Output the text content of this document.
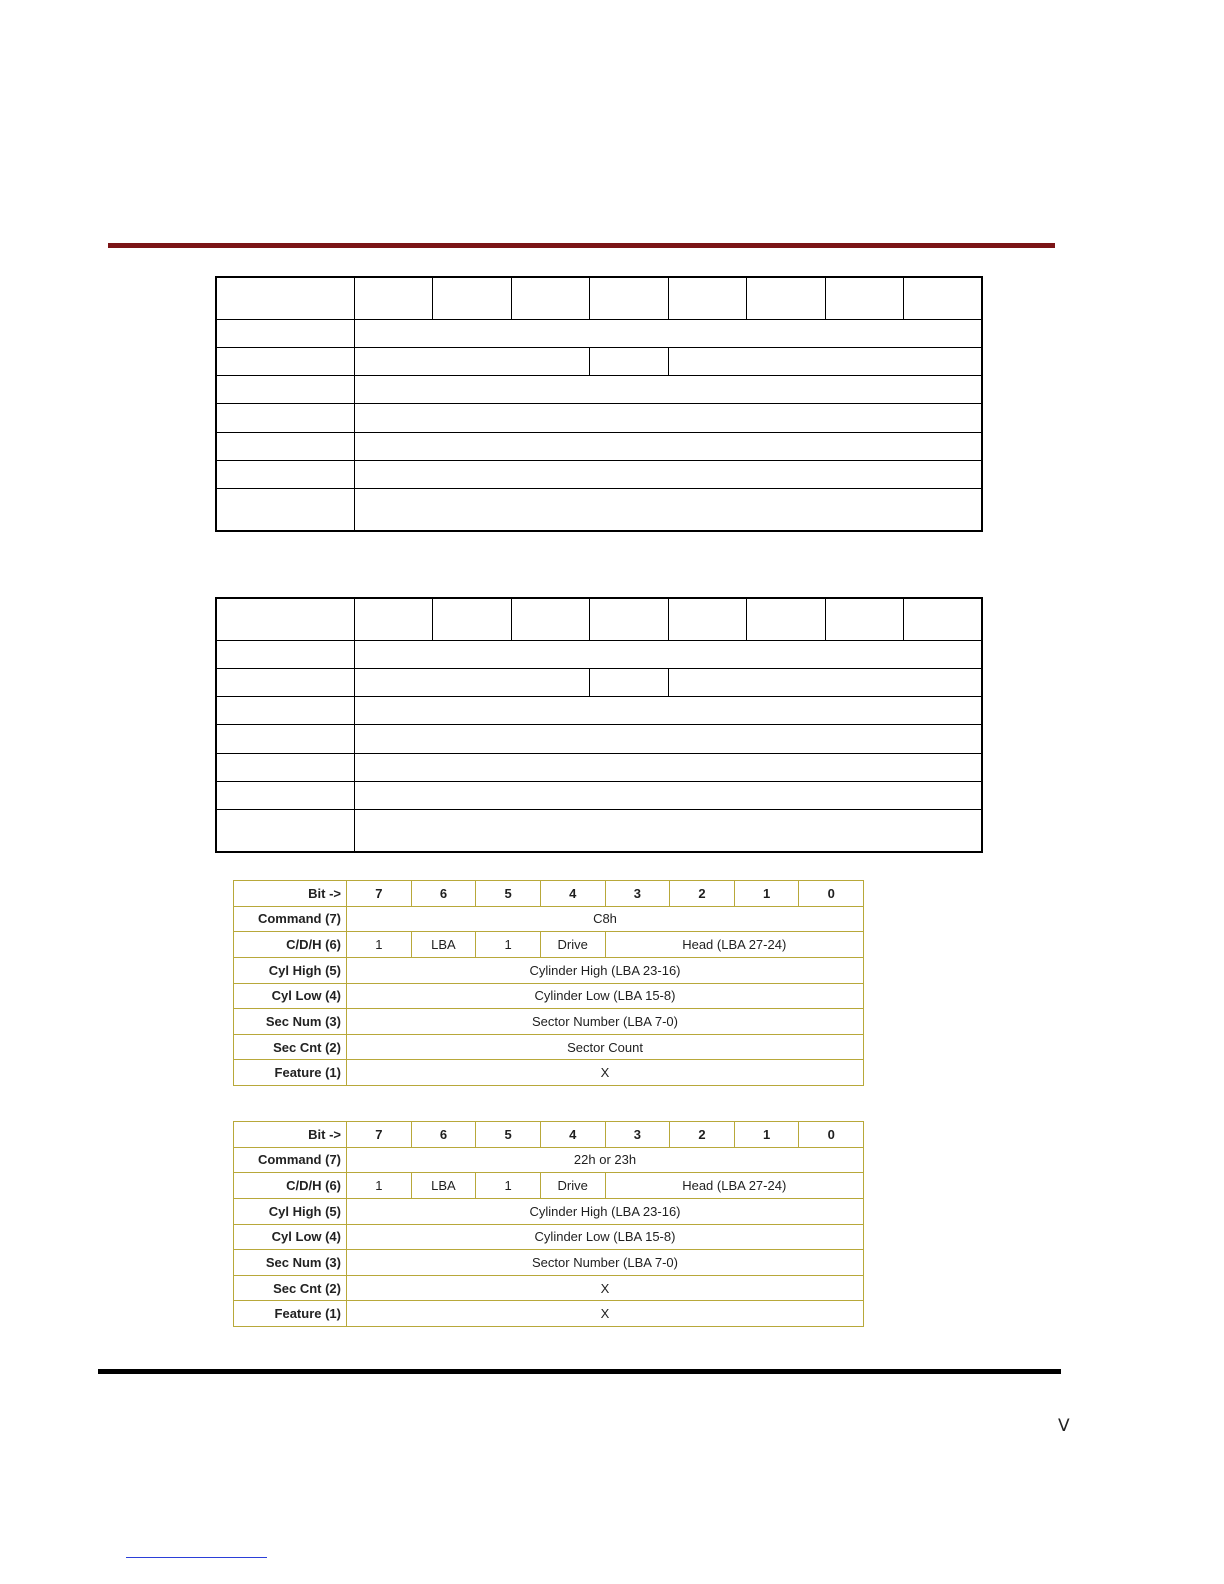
Bit ->	7	6	5	4	3	2	1	0
Command (7)	C8h							
C/D/H (6)	1	LBA	1	Drive	Head (LBA 27-24)			
Cyl High (5)	Cylinder High (LBA 23-16)							
Cyl Low (4)	Cylinder Low (LBA 15-8)							
Sec Num (3)	Sector Number (LBA 7-0)							
Sec Cnt (2)	Sector Count							
Feature (1)	X							
Bit ->	7	6	5	4	3	2	1	0
Command (7)	22h or 23h							
C/D/H (6)	1	LBA	1	Drive	Head (LBA 27-24)			
Cyl High (5)	Cylinder High (LBA 23-16)							
Cyl Low (4)	Cylinder Low (LBA 15-8)							
Sec Num (3)	Sector Number (LBA 7-0)							
Sec Cnt (2)	X							
Feature (1)	X							
V
